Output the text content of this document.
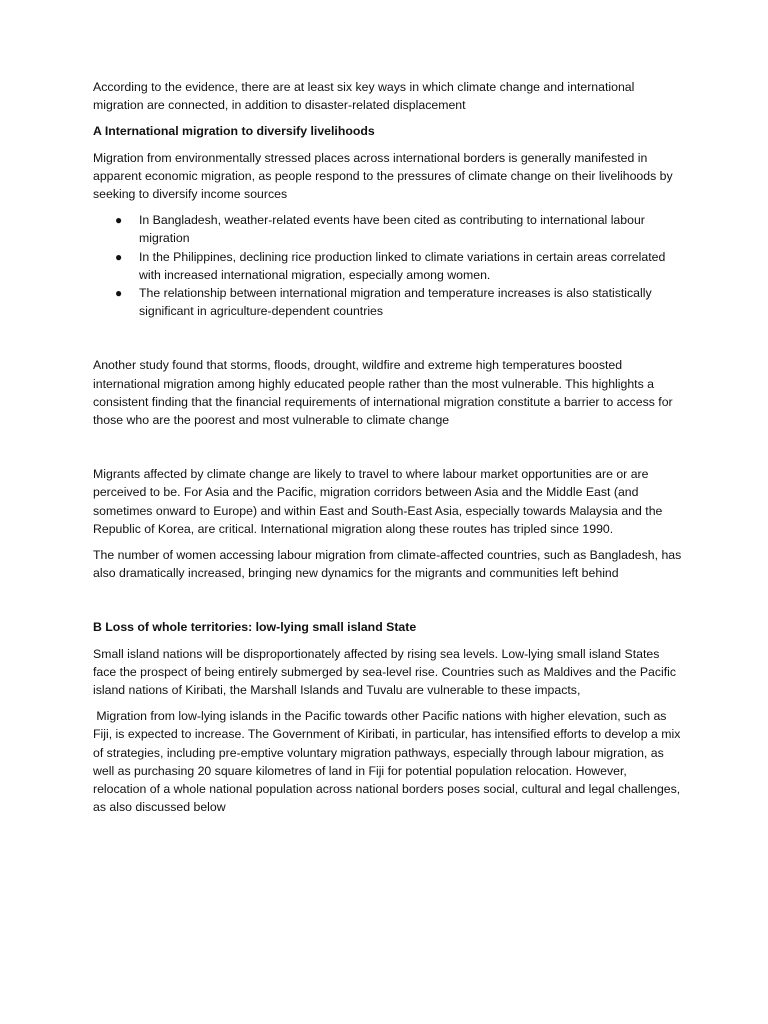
According to the evidence, there are at least six key ways in which climate change and international migration are connected, in addition to disaster-related displacement

A International migration to diversify livelihoods

Migration from environmentally stressed places across international borders is generally manifested in apparent economic migration, as people respond to the pressures of climate change on their livelihoods by seeking to diversify income sources

● In Bangladesh, weather-related events have been cited as contributing to international labour migration
● In the Philippines, declining rice production linked to climate variations in certain areas correlated with increased international migration, especially among women.
● The relationship between international migration and temperature increases is also statistically significant in agriculture-dependent countries

Another study found that storms, floods, drought, wildfire and extreme high temperatures boosted international migration among highly educated people rather than the most vulnerable. This highlights a consistent finding that the financial requirements of international migration constitute a barrier to access for those who are the poorest and most vulnerable to climate change

Migrants affected by climate change are likely to travel to where labour market opportunities are or are perceived to be. For Asia and the Pacific, migration corridors between Asia and the Middle East (and sometimes onward to Europe) and within East and South-East Asia, especially towards Malaysia and the Republic of Korea, are critical. International migration along these routes has tripled since 1990.

The number of women accessing labour migration from climate-affected countries, such as Bangladesh, has also dramatically increased, bringing new dynamics for the migrants and communities left behind

B Loss of whole territories: low-lying small island State

Small island nations will be disproportionately affected by rising sea levels. Low-lying small island States face the prospect of being entirely submerged by sea-level rise. Countries such as Maldives and the Pacific island nations of Kiribati, the Marshall Islands and Tuvalu are vulnerable to these impacts,

Migration from low-lying islands in the Pacific towards other Pacific nations with higher elevation, such as Fiji, is expected to increase. The Government of Kiribati, in particular, has intensified efforts to develop a mix of strategies, including pre-emptive voluntary migration pathways, especially through labour migration, as well as purchasing 20 square kilometres of land in Fiji for potential population relocation. However, relocation of a whole national population across national borders poses social, cultural and legal challenges, as also discussed below
